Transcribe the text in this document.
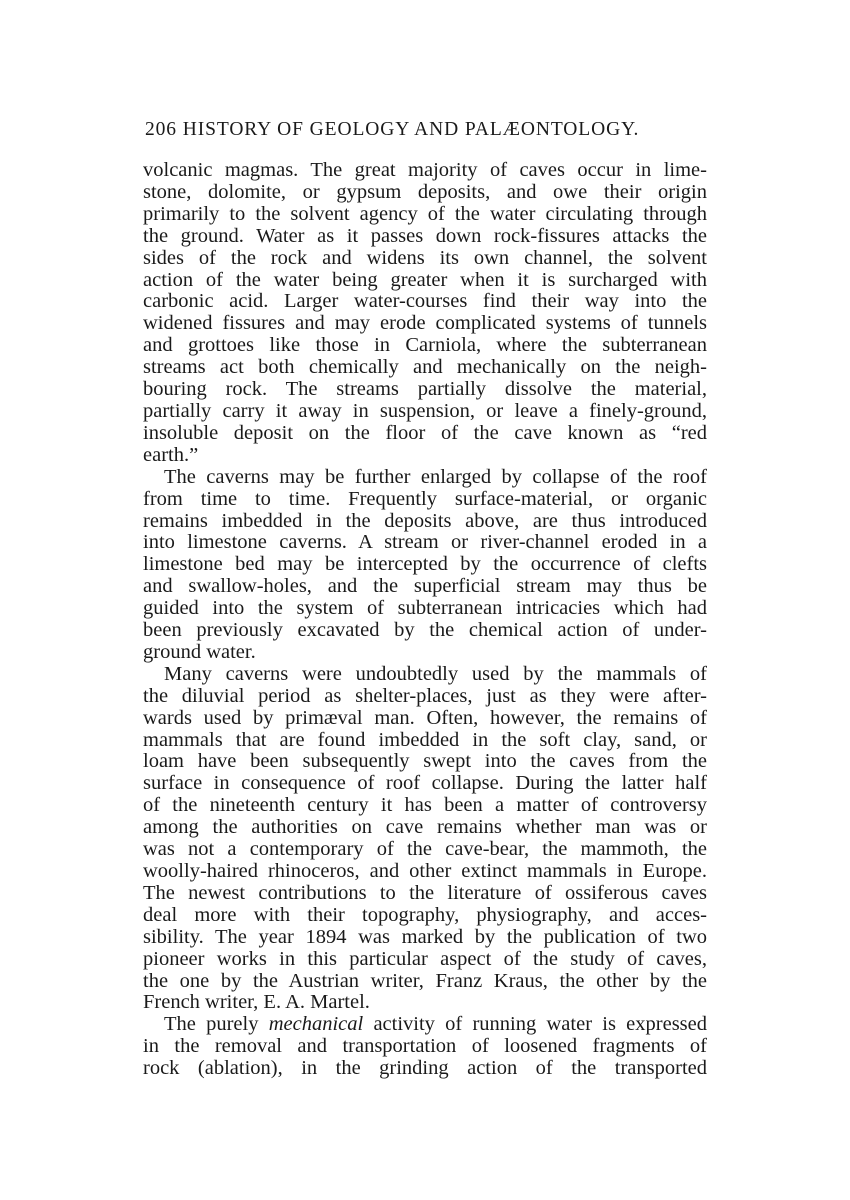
206 HISTORY OF GEOLOGY AND PALÆONTOLOGY.
volcanic magmas. The great majority of caves occur in lime-
stone, dolomite, or gypsum deposits, and owe their origin
primarily to the solvent agency of the water circulating through
the ground. Water as it passes down rock-fissures attacks the
sides of the rock and widens its own channel, the solvent
action of the water being greater when it is surcharged with
carbonic acid. Larger water-courses find their way into the
widened fissures and may erode complicated systems of tunnels
and grottoes like those in Carniola, where the subterranean
streams act both chemically and mechanically on the neigh-
bouring rock. The streams partially dissolve the material,
partially carry it away in suspension, or leave a finely-ground,
insoluble deposit on the floor of the cave known as “red
earth.”
The caverns may be further enlarged by collapse of the roof
from time to time. Frequently surface-material, or organic
remains imbedded in the deposits above, are thus introduced
into limestone caverns. A stream or river-channel eroded in a
limestone bed may be intercepted by the occurrence of clefts
and swallow-holes, and the superficial stream may thus be
guided into the system of subterranean intricacies which had
been previously excavated by the chemical action of under-
ground water.
Many caverns were undoubtedly used by the mammals of
the diluvial period as shelter-places, just as they were after-
wards used by primæval man. Often, however, the remains of
mammals that are found imbedded in the soft clay, sand, or
loam have been subsequently swept into the caves from the
surface in consequence of roof collapse. During the latter half
of the nineteenth century it has been a matter of controversy
among the authorities on cave remains whether man was or
was not a contemporary of the cave-bear, the mammoth, the
woolly-haired rhinoceros, and other extinct mammals in Europe.
The newest contributions to the literature of ossiferous caves
deal more with their topography, physiography, and acces-
sibility. The year 1894 was marked by the publication of two
pioneer works in this particular aspect of the study of caves,
the one by the Austrian writer, Franz Kraus, the other by the
French writer, E. A. Martel.
The purely mechanical activity of running water is expressed
in the removal and transportation of loosened fragments of
rock (ablation), in the grinding action of the transported
